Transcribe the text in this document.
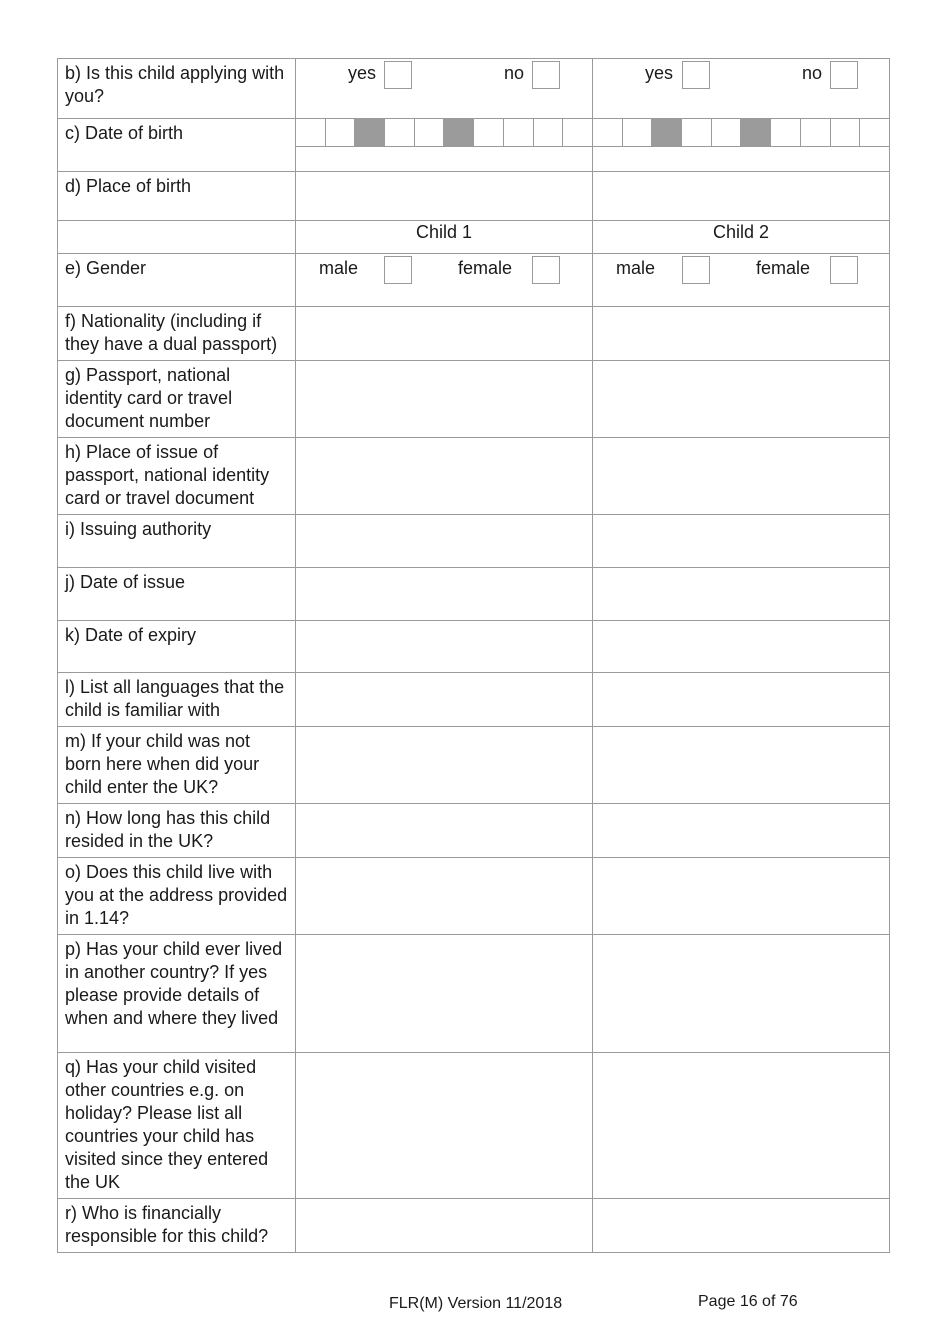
b) Is this child applying with you?	yes no	yes no

c) Date of birth	

d) Place of birth		
	Child 1	Child 2
e) Gender	male female	male female

f) Nationality (including if they have a dual passport)		
g) Passport, national identity card or travel document number		
h) Place of issue of passport, national identity card or travel document		
i) Issuing authority		
j) Date of issue		
k) Date of expiry		
l) List all languages that the child is familiar with		
m) If your child was not born here when did your child enter the UK?		
n) How long has this child resided in the UK?		
o) Does this child live with you at the address provided in 1.14?		
p) Has your child ever lived in another country? If yes please provide details of when and where they lived		
q) Has your child visited other countries e.g. on holiday? Please list all countries your child has visited since they entered the UK		
r) Who is financially responsible for this child?		
FLR(M) Version 11/2018	Page 16 of 76
